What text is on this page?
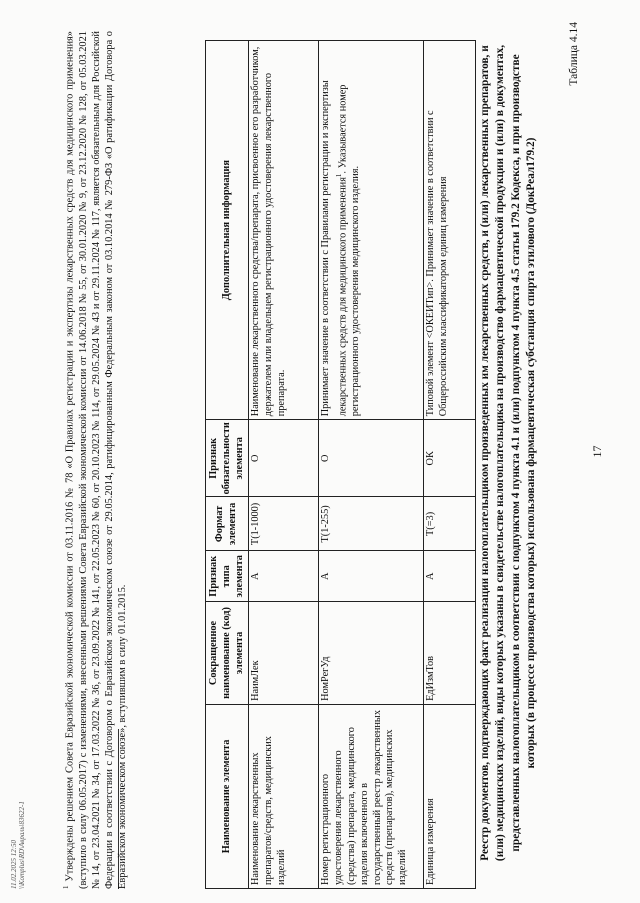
17
Таблица 4.14
Реестр документов, подтверждающих факт реализации налогоплательщиком произведенных им лекарственных средств, и (или) лекарственных препаратов, и (или) медицинских изделий, виды которых указаны в свидетельстве налогоплательщика на производство фармацевтической продукции и (или) в документах, представленных налогоплательщиком в соответствии с подпунктом 4 пункта 4.1 и (или) подпунктом 4 пункта 4.5 статьи 179.2 Кодекса, и при производстве которых (в процессе производства которых) использована фармацевтическая субстанция спирта этилового (ДокРеал179.2)
Наименование элемента	Сокращенное наименование (код) элемента	Признак типа элемента	Формат элемента	Признак обязательности элемента	Дополнительная информация
Наименование лекарственных препаратов/средств, медицинских изделий	НаимЛек	А	Т(1-1000)	О	Наименование лекарственного средства/препарата, присвоенное его разработчиком, держателем или владельцем регистрационного удостоверения лекарственного препарата.
Номер регистрационного удостоверения лекарственного (средства) препарата, медицинского изделия включенного в государственный реестр лекарственных средств (препаратов), медицинских изделий	НомРегУд	А	Т(1-255)	О	Принимает значение в соответствии с Правилами регистрации и экспертизы лекарственных средств для медицинского применения$^1$. Указывается номер регистрационного удостоверения медицинского изделия.
Единица измерения	ЕдИзмТов	А	Т(=3)	ОК	Типовой элемент <ОКЕИТип>. Принимает значение в соответствии с Общероссийским классификатором единиц измерения
$^1$ Утверждены решением Совета Евразийской экономической комиссии от 03.11.2016 № 78 «О Правилах регистрации и экспертизы лекарственных средств для медицинского применения» (вступило в силу 06.05.2017) с изменениями, внесенными решениями Совета Евразийской экономической комиссии от 14.06.2018 № 55, от 30.01.2020 № 9, от 23.12.2020 № 128, от 05.03.2021 № 14, от 23.04.2021 № 34, от 17.03.2022 № 36, от 23.09.2022 № 141, от 22.05.2023 № 60, от 20.10.2023 № 114, от 29.05.2024 № 43 и от 29.11.2024 № 117, является обязательным для Российской Федерации в соответствии с Договором о Евразийском экономическом союзе от 29.05.2014, ратифицированным Федеральным законом от 03.10.2014 № 279-ФЗ «О ратификации Договора о Евразийском экономическом союзе», вступившим в силу 01.01.2015.
11.02.2025 12:50 \\Komplus\RD\Авраль\83622-1
